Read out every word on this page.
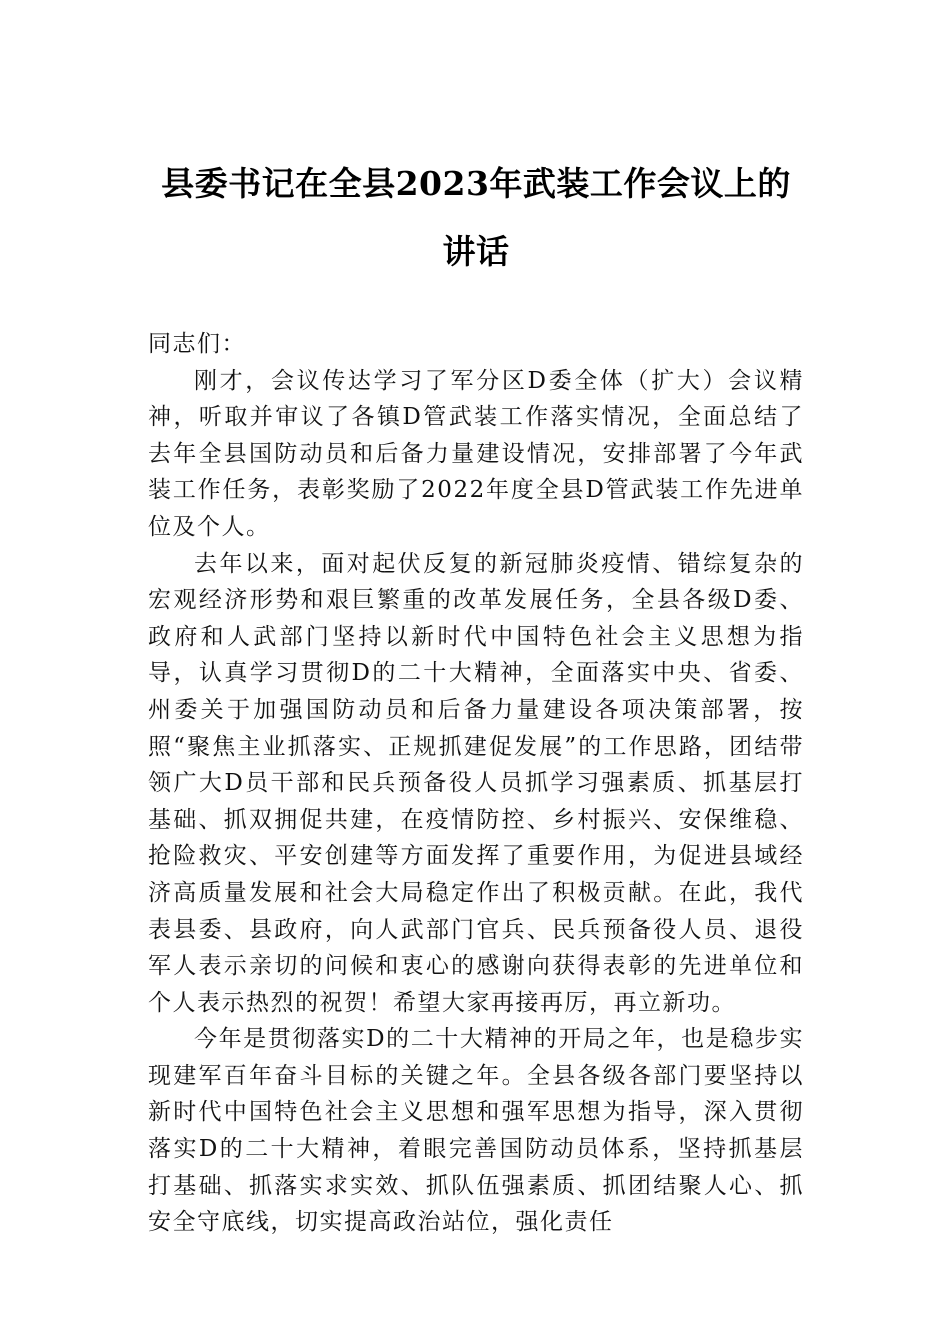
县委书记在全县2023年武装工作会议上的讲话

同志们：

刚才，会议传达学习了军分区D委全体（扩大）会议精神，听取并审议了各镇D管武装工作落实情况，全面总结了去年全县国防动员和后备力量建设情况，安排部署了今年武装工作任务，表彰奖励了2022年度全县D管武装工作先进单位及个人。

去年以来，面对起伏反复的新冠肺炎疫情、错综复杂的宏观经济形势和艰巨繁重的改革发展任务，全县各级D委、政府和人武部门坚持以新时代中国特色社会主义思想为指导，认真学习贯彻D的二十大精神，全面落实中央、省委、州委关于加强国防动员和后备力量建设各项决策部署，按照“聚焦主业抓落实、正规抓建促发展”的工作思路，团结带领广大D员干部和民兵预备役人员抓学习强素质、抓基层打基础、抓双拥促共建，在疫情防控、乡村振兴、安保维稳、抢险救灾、平安创建等方面发挥了重要作用，为促进县域经济高质量发展和社会大局稳定作出了积极贡献。在此，我代表县委、县政府，向人武部门官兵、民兵预备役人员、退役军人表示亲切的问候和衷心的感谢向获得表彰的先进单位和个人表示热烈的祝贺！希望大家再接再厉，再立新功。

今年是贯彻落实D的二十大精神的开局之年，也是稳步实现建军百年奋斗目标的关键之年。全县各级各部门要坚持以新时代中国特色社会主义思想和强军思想为指导，深入贯彻落实D的二十大精神，着眼完善国防动员体系，坚持抓基层打基础、抓落实求实效、抓队伍强素质、抓团结聚人心、抓安全守底线，切实提高政治站位，强化责任
